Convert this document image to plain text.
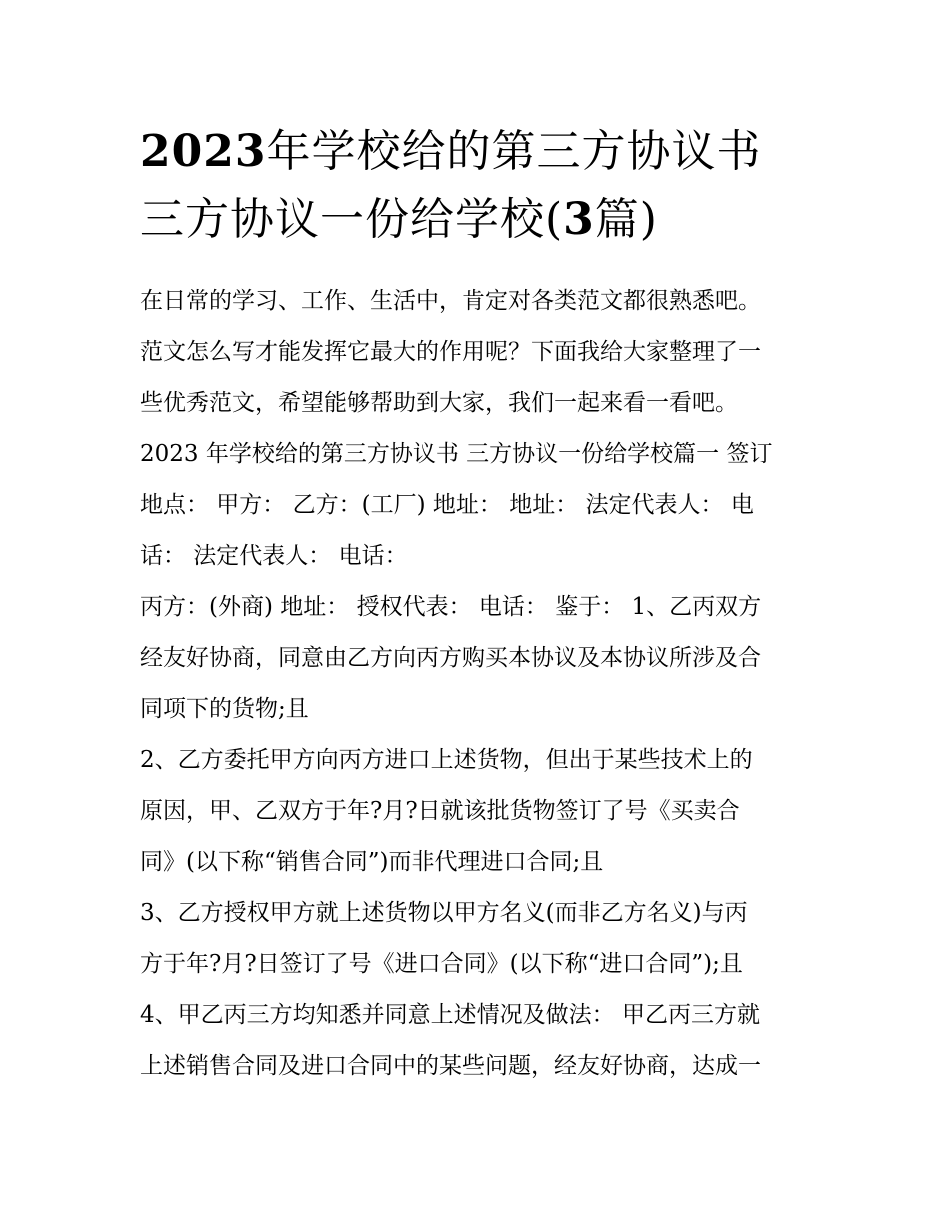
2023年学校给的第三方协议书
三方协议一份给学校(3篇)
在日常的学习、工作、生活中，肯定对各类范文都很熟悉吧。
范文怎么写才能发挥它最大的作用呢？下面我给大家整理了一
些优秀范文，希望能够帮助到大家，我们一起来看一看吧。
2023 年学校给的第三方协议书 三方协议一份给学校篇一 签订
地点： 甲方： 乙方：(工厂) 地址： 地址： 法定代表人： 电
话： 法定代表人： 电话：
丙方：(外商) 地址： 授权代表： 电话： 鉴于： 1、乙丙双方
经友好协商，同意由乙方向丙方购买本协议及本协议所涉及合
同项下的货物;且
2、乙方委托甲方向丙方进口上述货物，但出于某些技术上的
原因，甲、乙双方于年?月?日就该批货物签订了号《买卖合
同》(以下称“销售合同”)而非代理进口合同;且
3、乙方授权甲方就上述货物以甲方名义(而非乙方名义)与丙
方于年?月?日签订了号《进口合同》(以下称“进口合同”);且
4、甲乙丙三方均知悉并同意上述情况及做法： 甲乙丙三方就
上述销售合同及进口合同中的某些问题，经友好协商，达成一
